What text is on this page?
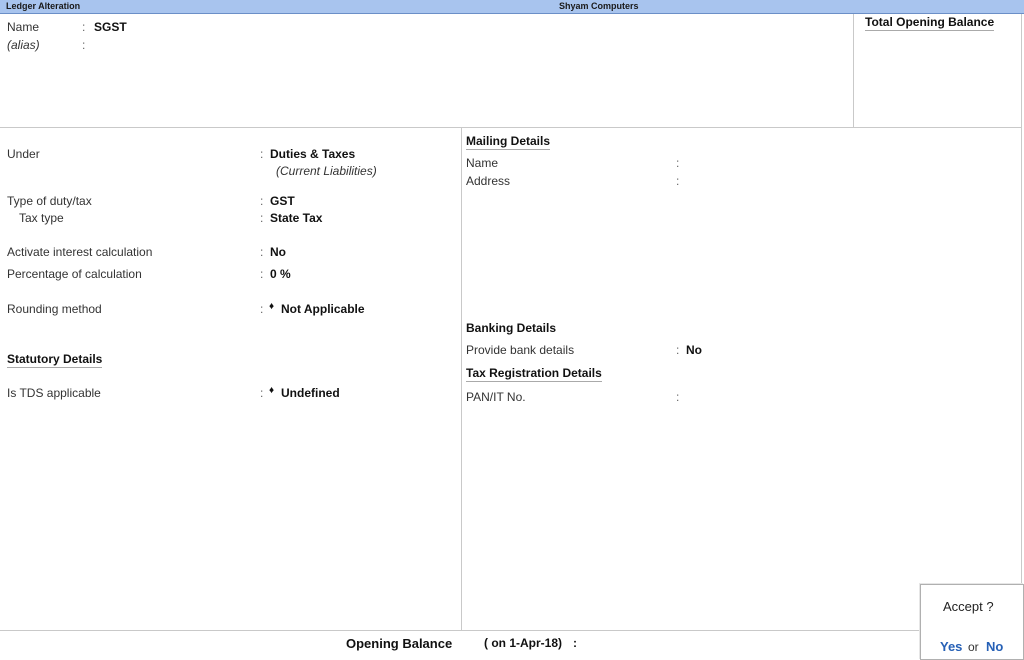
Ledger Alteration	Shyam Computers
Name	: SGST
(alias)	:
Total Opening Balance
Under	: Duties & Taxes
(Current Liabilities)
Type of duty/tax	: GST
Tax type	: State Tax
Activate interest calculation	: No
Percentage of calculation	: 0 %
Rounding method	: ♦ Not Applicable
Statutory Details
Is TDS applicable	: ♦ Undefined
Mailing Details
Name	:
Address	:
Banking Details
Provide bank details	: No
Tax Registration Details
PAN/IT No.	:
Opening Balance	( on 1-Apr-18) :
Accept ?
Yes or No
